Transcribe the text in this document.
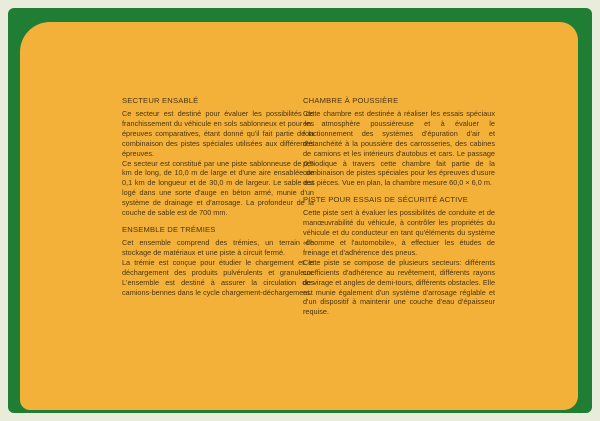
SECTEUR ENSABLÉ

Ce secteur est destiné pour évaluer les possibilités de franchissement du véhicule en sols sablonneux et pour les épreuves comparatives, étant donné qu'il fait partie de la combinaison des pistes spéciales utilisées aux différentes épreuves.

Ce secteur est constitué par une piste sablonneuse de 0,5 km de long, de 10,0 m de large et d'une aire ensablée de 0,1 km de longueur et de 30,0 m de largeur. Le sable est logé dans une sorte d'auge en béton armé, munie d'un système de drainage et d'arrosage. La profondeur de la couche de sable est de 700 mm.

ENSEMBLE DE TRÉMIES

Cet ensemble comprend des trémies, un terrain de stockage de matériaux et une piste à circuit fermé.

La trémie est conçue pour étudier le chargement et le déchargement des produits pulvérulents et granuleux. L'ensemble est destiné à assurer la circulation des camions-bennes dans le cycle chargement-déchargement.

CHAMBRE À POUSSIÈRE

Cette chambre est destinée à réaliser les essais spéciaux en atmosphère poussiéreuse et à évaluer le fonctionnement des systèmes d'épuration d'air et d'étanchéité à la poussière des carrosseries, des cabines de camions et les intérieurs d'autobus et cars. Le passage périodique à travers cette chambre fait partie de la combinaison de pistes spéciales pour les épreuves d'usure des pièces. Vue en plan, la chambre mesure 60,0 × 6,0 m.

PISTE POUR ESSAIS DE SÉCURITÉ ACTIVE

Cette piste sert à évaluer les possibilités de conduite et de manœuvrabilité du véhicule, à contrôler les propriétés du véhicule et du conducteur en tant qu'éléments du système «l'homme et l'automobile», à effectuer les études de freinage et d'adhérence des pneus.

Cette piste se compose de plusieurs secteurs: différents coefficients d'adhérence au revêtement, différents rayons de virage et angles de demi-tours, différents obstacles. Elle est munie également d'un système d'arrosage réglable et d'un dispositif à maintenir une couche d'eau d'épaisseur requise.
